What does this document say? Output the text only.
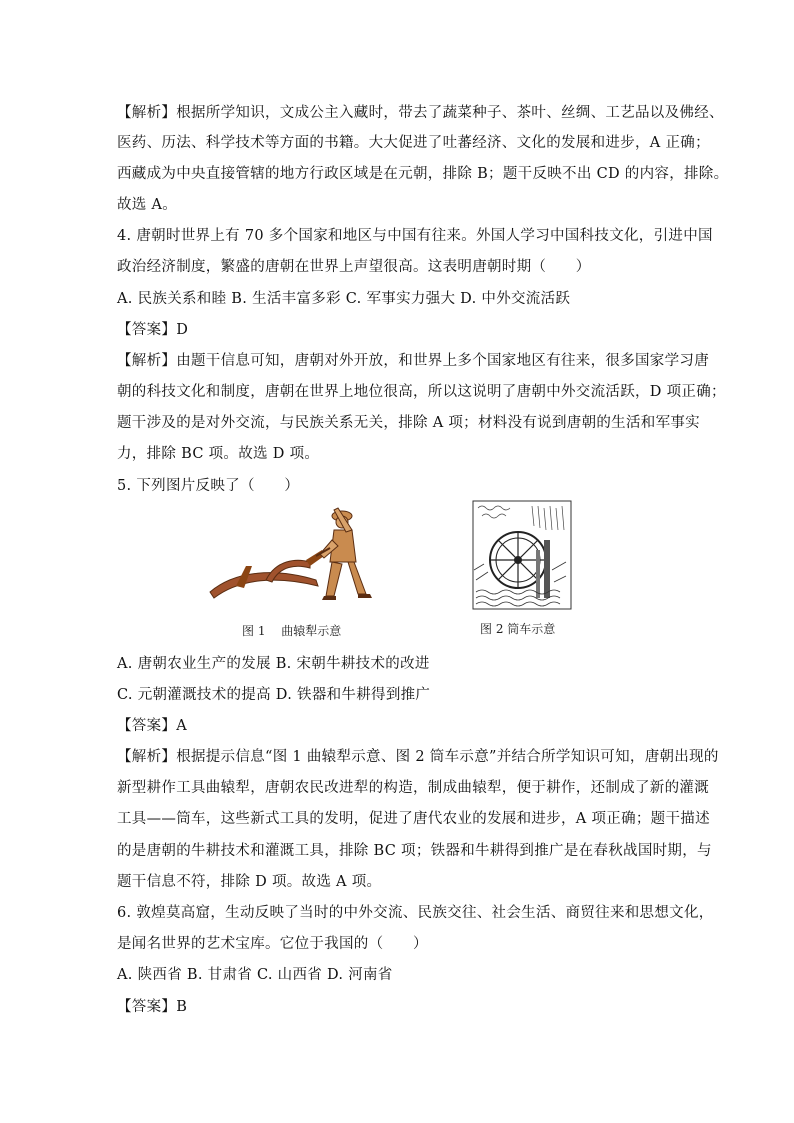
【解析】根据所学知识，文成公主入藏时，带去了蔬菜种子、茶叶、丝绸、工艺品以及佛经、
医药、历法、科学技术等方面的书籍。大大促进了吐蕃经济、文化的发展和进步，A 正确；
西藏成为中央直接管辖的地方行政区域是在元朝，排除 B；题干反映不出 CD 的内容，排除。
故选 A。
4. 唐朝时世界上有 70 多个国家和地区与中国有往来。外国人学习中国科技文化，引进中国
政治经济制度，繁盛的唐朝在世界上声望很高。这表明唐朝时期（　　）
A. 民族关系和睦 B. 生活丰富多彩 C. 军事实力强大 D. 中外交流活跃
【答案】D
【解析】由题干信息可知，唐朝对外开放，和世界上多个国家地区有往来，很多国家学习唐
朝的科技文化和制度，唐朝在世界上地位很高，所以这说明了唐朝中外交流活跃，D 项正确；
题干涉及的是对外交流，与民族关系无关，排除 A 项；材料没有说到唐朝的生活和军事实
力，排除 BC 项。故选 D 项。
5. 下列图片反映了（　　）
图 1　 曲辕犁示意	图 2 筒车示意
A. 唐朝农业生产的发展 B. 宋朝牛耕技术的改进
C. 元朝灌溉技术的提高 D. 铁器和牛耕得到推广
【答案】A
【解析】根据提示信息“图 1 曲辕犁示意、图 2 筒车示意”并结合所学知识可知，唐朝出现的
新型耕作工具曲辕犁，唐朝农民改进犁的构造，制成曲辕犁，便于耕作，还制成了新的灌溉
工具——筒车，这些新式工具的发明，促进了唐代农业的发展和进步，A 项正确；题干描述
的是唐朝的牛耕技术和灌溉工具，排除 BC 项；铁器和牛耕得到推广是在春秋战国时期，与
题干信息不符，排除 D 项。故选 A 项。
6. 敦煌莫高窟，生动反映了当时的中外交流、民族交往、社会生活、商贸往来和思想文化，
是闻名世界的艺术宝库。它位于我国的（　　）
A. 陕西省 B. 甘肃省 C. 山西省 D. 河南省
【答案】B
